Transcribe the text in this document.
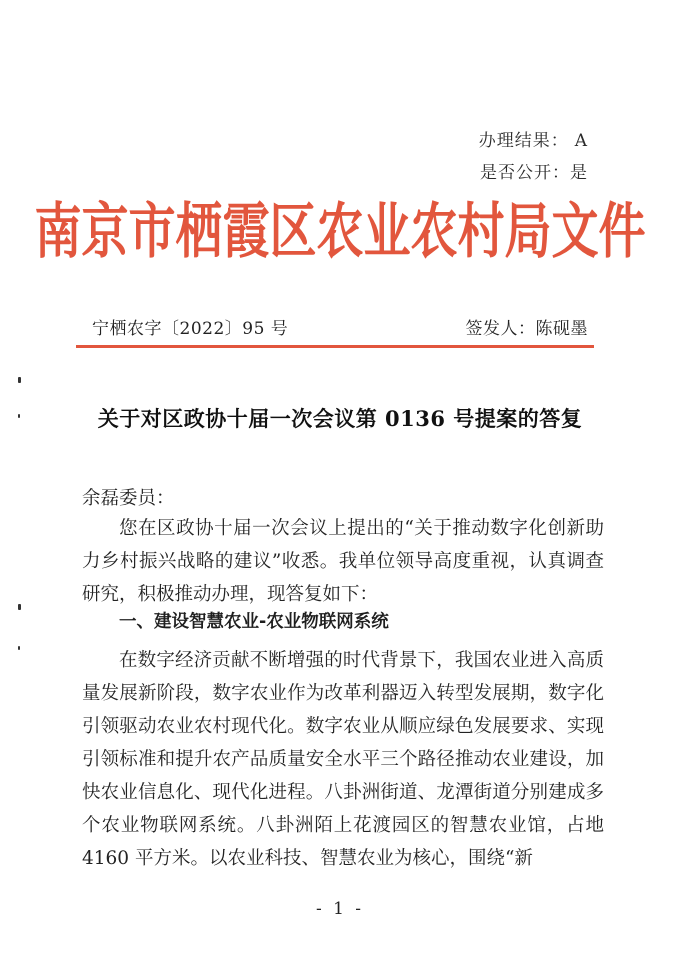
办理结果： A
是否公开：是
南京市栖霞区农业农村局文件
宁栖农字〔2022〕95 号	签发人：陈砚墨
关于对区政协十届一次会议第 0136 号提案的答复
余磊委员：
您在区政协十届一次会议上提出的“关于推动数字化创新助力乡村振兴战略的建议”收悉。我单位领导高度重视，认真调查研究，积极推动办理，现答复如下：
一、建设智慧农业-农业物联网系统
在数字经济贡献不断增强的时代背景下，我国农业进入高质量发展新阶段，数字农业作为改革利器迈入转型发展期，数字化引领驱动农业农村现代化。数字农业从顺应绿色发展要求、实现引领标准和提升农产品质量安全水平三个路径推动农业建设，加快农业信息化、现代化进程。八卦洲街道、龙潭街道分别建成多个农业物联网系统。八卦洲陌上花渡园区的智慧农业馆，占地 4160 平方米。以农业科技、智慧农业为核心，围绕“新
- 1 -
